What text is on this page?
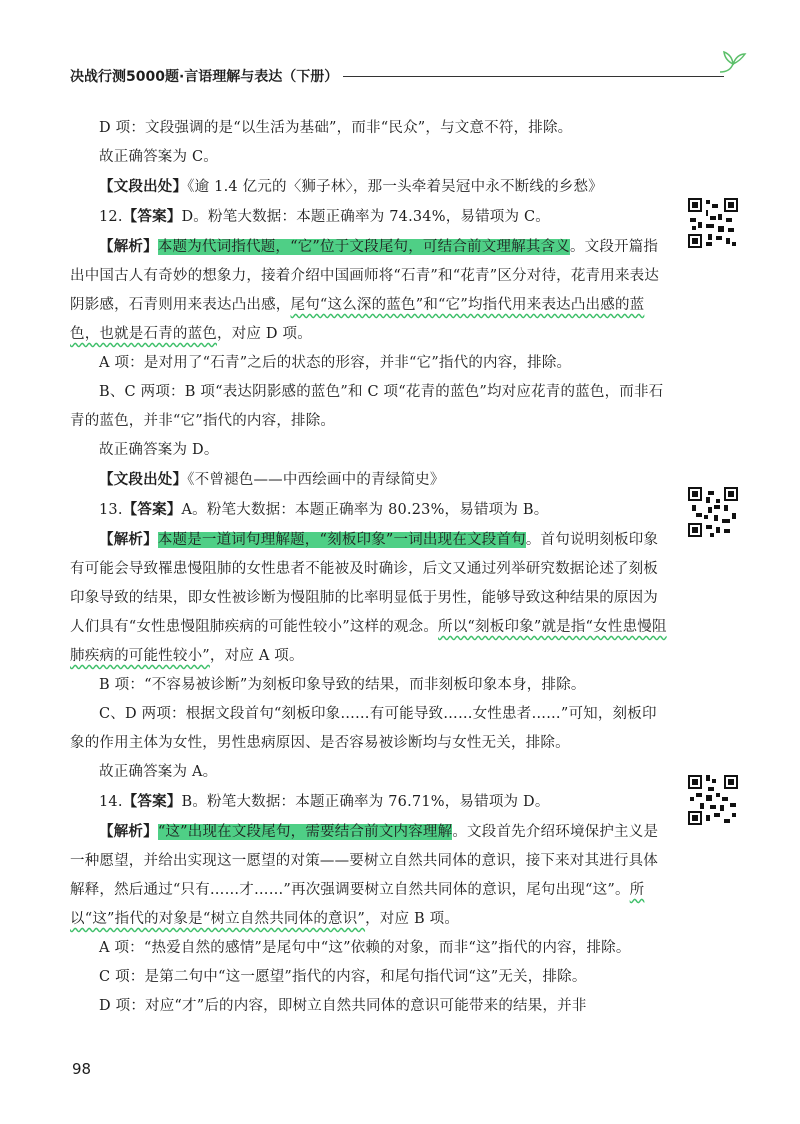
决战行测5000题·言语理解与表达（下册）

D 项：文段强调的是“以生活为基础”，而非“民众”，与文意不符，排除。

故正确答案为 C。

【文段出处】《逾 1.4 亿元的〈狮子林〉，那一头牵着吴冠中永不断线的乡愁》

12.【答案】D。粉笔大数据：本题正确率为 74.34%，易错项为 C。

【解析】本题为代词指代题，“它”位于文段尾句，可结合前文理解其含义。文段开篇指出中国古人有奇妙的想象力，接着介绍中国画师将“石青”和“花青”区分对待，花青用来表达阴影感，石青则用来表达凸出感，尾句“这么深的蓝色”和“它”均指代用来表达凸出感的蓝色，也就是石青的蓝色，对应 D 项。

A 项：是对用了“石青”之后的状态的形容，并非“它”指代的内容，排除。

B、C 两项：B 项“表达阴影感的蓝色”和 C 项“花青的蓝色”均对应花青的蓝色，而非石青的蓝色，并非“它”指代的内容，排除。

故正确答案为 D。

【文段出处】《不曾褪色——中西绘画中的青绿简史》

13.【答案】A。粉笔大数据：本题正确率为 80.23%，易错项为 B。

【解析】本题是一道词句理解题，“刻板印象”一词出现在文段首句。首句说明刻板印象有可能会导致罹患慢阻肺的女性患者不能被及时确诊，后文又通过列举研究数据论述了刻板印象导致的结果，即女性被诊断为慢阻肺的比率明显低于男性，能够导致这种结果的原因为人们具有“女性患慢阻肺疾病的可能性较小”这样的观念。所以“刻板印象”就是指“女性患慢阻肺疾病的可能性较小”，对应 A 项。

B 项：“不容易被诊断”为刻板印象导致的结果，而非刻板印象本身，排除。

C、D 两项：根据文段首句“刻板印象……有可能导致……女性患者……”可知，刻板印象的作用主体为女性，男性患病原因、是否容易被诊断均与女性无关，排除。

故正确答案为 A。

14.【答案】B。粉笔大数据：本题正确率为 76.71%，易错项为 D。

【解析】“这”出现在文段尾句，需要结合前文内容理解。文段首先介绍环境保护主义是一种愿望，并给出实现这一愿望的对策——要树立自然共同体的意识，接下来对其进行具体解释，然后通过“只有……才……”再次强调要树立自然共同体的意识，尾句出现“这”。所以“这”指代的对象是“树立自然共同体的意识”，对应 B 项。

A 项：“热爱自然的感情”是尾句中“这”依赖的对象，而非“这”指代的内容，排除。

C 项：是第二句中“这一愿望”指代的内容，和尾句指代词“这”无关，排除。

D 项：对应“才”后的内容，即树立自然共同体的意识可能带来的结果，并非

98
